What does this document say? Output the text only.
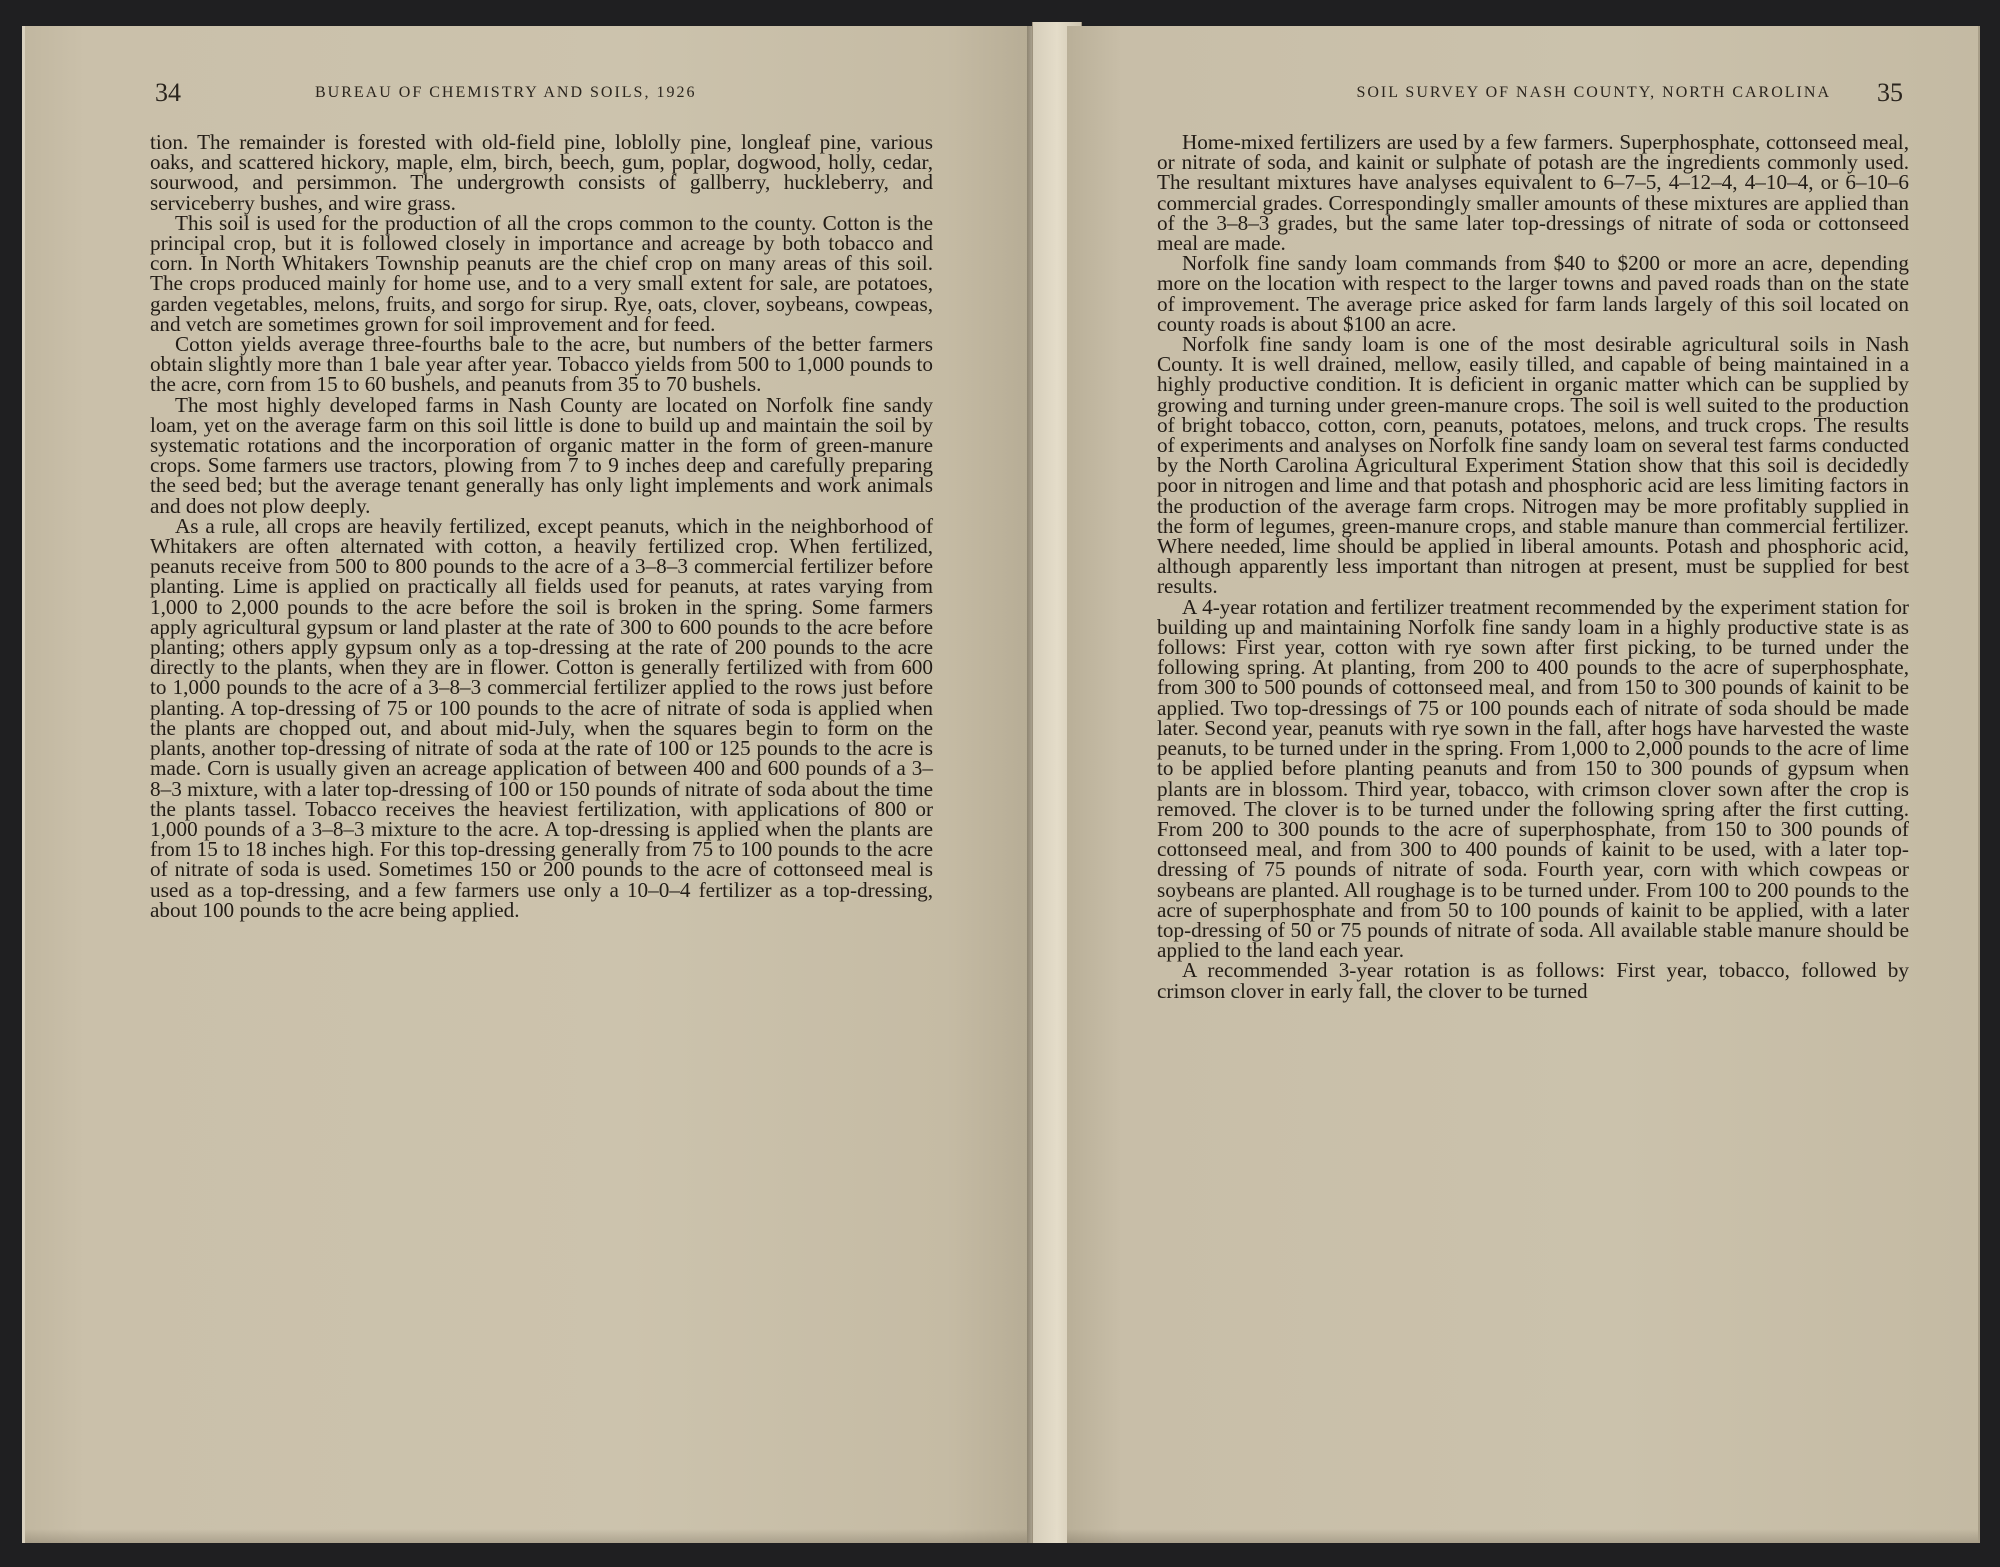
34	BUREAU OF CHEMISTRY AND SOILS, 1926

tion. The remainder is forested with old-field pine, loblolly pine, longleaf pine, various oaks, and scattered hickory, maple, elm, birch, beech, gum, poplar, dogwood, holly, cedar, sourwood, and persimmon. The undergrowth consists of gallberry, huckleberry, and serviceberry bushes, and wire grass.

This soil is used for the production of all the crops common to the county. Cotton is the principal crop, but it is followed closely in importance and acreage by both tobacco and corn. In North Whitakers Township peanuts are the chief crop on many areas of this soil. The crops produced mainly for home use, and to a very small extent for sale, are potatoes, garden vegetables, melons, fruits, and sorgo for sirup. Rye, oats, clover, soybeans, cowpeas, and vetch are sometimes grown for soil improvement and for feed.

Cotton yields average three-fourths bale to the acre, but numbers of the better farmers obtain slightly more than 1 bale year after year. Tobacco yields from 500 to 1,000 pounds to the acre, corn from 15 to 60 bushels, and peanuts from 35 to 70 bushels.

The most highly developed farms in Nash County are located on Norfolk fine sandy loam, yet on the average farm on this soil little is done to build up and maintain the soil by systematic rotations and the incorporation of organic matter in the form of green-manure crops. Some farmers use tractors, plowing from 7 to 9 inches deep and carefully preparing the seed bed; but the average tenant generally has only light implements and work animals and does not plow deeply.

As a rule, all crops are heavily fertilized, except peanuts, which in the neighborhood of Whitakers are often alternated with cotton, a heavily fertilized crop. When fertilized, peanuts receive from 500 to 800 pounds to the acre of a 3–8–3 commercial fertilizer before planting. Lime is applied on practically all fields used for peanuts, at rates varying from 1,000 to 2,000 pounds to the acre before the soil is broken in the spring. Some farmers apply agricultural gypsum or land plaster at the rate of 300 to 600 pounds to the acre before planting; others apply gypsum only as a top-dressing at the rate of 200 pounds to the acre directly to the plants, when they are in flower. Cotton is generally fertilized with from 600 to 1,000 pounds to the acre of a 3–8–3 commercial fertilizer applied to the rows just before planting. A top-dressing of 75 or 100 pounds to the acre of nitrate of soda is applied when the plants are chopped out, and about mid-July, when the squares begin to form on the plants, another top-dressing of nitrate of soda at the rate of 100 or 125 pounds to the acre is made. Corn is usually given an acreage application of between 400 and 600 pounds of a 3–8–3 mixture, with a later top-dressing of 100 or 150 pounds of nitrate of soda about the time the plants tassel. Tobacco receives the heaviest fertilization, with applications of 800 or 1,000 pounds of a 3–8–3 mixture to the acre. A top-dressing is applied when the plants are from 15 to 18 inches high. For this top-dressing generally from 75 to 100 pounds to the acre of nitrate of soda is used. Sometimes 150 or 200 pounds to the acre of cottonseed meal is used as a top-dressing, and a few farmers use only a 10–0–4 fertilizer as a top-dressing, about 100 pounds to the acre being applied.

SOIL SURVEY OF NASH COUNTY, NORTH CAROLINA 35

Home-mixed fertilizers are used by a few farmers. Superphosphate, cottonseed meal, or nitrate of soda, and kainit or sulphate of potash are the ingredients commonly used. The resultant mixtures have analyses equivalent to 6–7–5, 4–12–4, 4–10–4, or 6–10–6 commercial grades. Correspondingly smaller amounts of these mixtures are applied than of the 3–8–3 grades, but the same later top-dressings of nitrate of soda or cottonseed meal are made.

Norfolk fine sandy loam commands from $40 to $200 or more an acre, depending more on the location with respect to the larger towns and paved roads than on the state of improvement. The average price asked for farm lands largely of this soil located on county roads is about $100 an acre.

Norfolk fine sandy loam is one of the most desirable agricultural soils in Nash County. It is well drained, mellow, easily tilled, and capable of being maintained in a highly productive condition. It is deficient in organic matter which can be supplied by growing and turning under green-manure crops. The soil is well suited to the production of bright tobacco, cotton, corn, peanuts, potatoes, melons, and truck crops. The results of experiments and analyses on Norfolk fine sandy loam on several test farms conducted by the North Carolina Agricultural Experiment Station show that this soil is decidedly poor in nitrogen and lime and that potash and phosphoric acid are less limiting factors in the production of the average farm crops. Nitrogen may be more profitably supplied in the form of legumes, green-manure crops, and stable manure than commercial fertilizer. Where needed, lime should be applied in liberal amounts. Potash and phosphoric acid, although apparently less important than nitrogen at present, must be supplied for best results.

A 4-year rotation and fertilizer treatment recommended by the experiment station for building up and maintaining Norfolk fine sandy loam in a highly productive state is as follows: First year, cotton with rye sown after first picking, to be turned under the following spring. At planting, from 200 to 400 pounds to the acre of superphosphate, from 300 to 500 pounds of cottonseed meal, and from 150 to 300 pounds of kainit to be applied. Two top-dressings of 75 or 100 pounds each of nitrate of soda should be made later. Second year, peanuts with rye sown in the fall, after hogs have harvested the waste peanuts, to be turned under in the spring. From 1,000 to 2,000 pounds to the acre of lime to be applied before planting peanuts and from 150 to 300 pounds of gypsum when plants are in blossom. Third year, tobacco, with crimson clover sown after the crop is removed. The clover is to be turned under the following spring after the first cutting. From 200 to 300 pounds to the acre of superphosphate, from 150 to 300 pounds of cottonseed meal, and from 300 to 400 pounds of kainit to be used, with a later top-dressing of 75 pounds of nitrate of soda. Fourth year, corn with which cowpeas or soybeans are planted. All roughage is to be turned under. From 100 to 200 pounds to the acre of superphosphate and from 50 to 100 pounds of kainit to be applied, with a later top-dressing of 50 or 75 pounds of nitrate of soda. All available stable manure should be applied to the land each year.

A recommended 3-year rotation is as follows: First year, tobacco, followed by crimson clover in early fall, the clover to be turned
